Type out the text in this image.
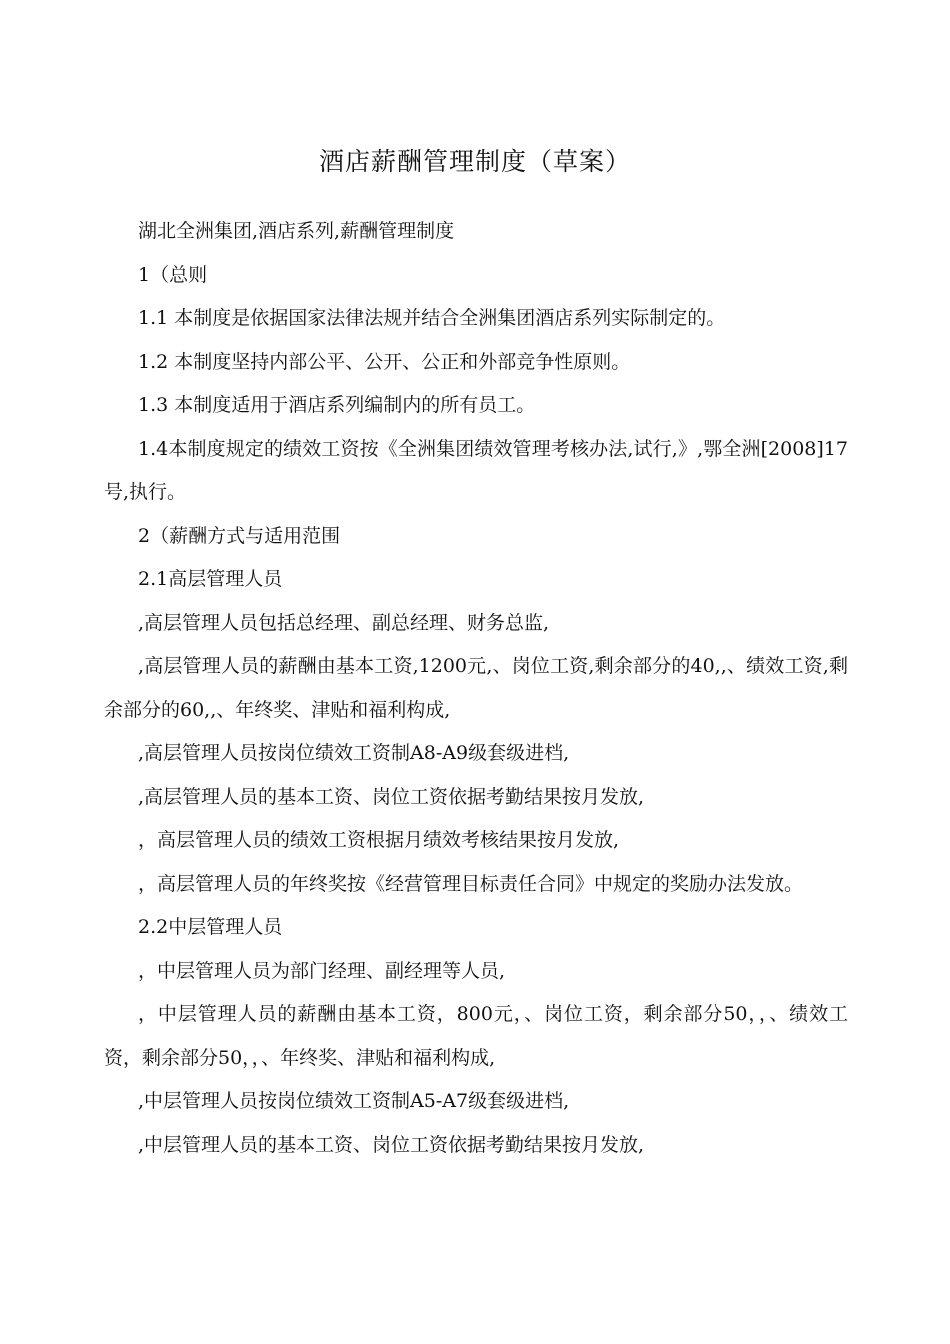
酒店薪酬管理制度（草案）

湖北全洲集团,酒店系列,薪酬管理制度

1（总则

1.1 本制度是依据国家法律法规并结合全洲集团酒店系列实际制定的。

1.2 本制度坚持内部公平、公开、公正和外部竞争性原则。

1.3 本制度适用于酒店系列编制内的所有员工。

1.4本制度规定的绩效工资按《全洲集团绩效管理考核办法,试行,》,鄂全洲[2008]17号,执行。

2（薪酬方式与适用范围

2.1高层管理人员

,高层管理人员包括总经理、副总经理、财务总监,

,高层管理人员的薪酬由基本工资,1200元,、岗位工资,剩余部分的40,,、绩效工资,剩余部分的60,,、年终奖、津贴和福利构成,

,高层管理人员按岗位绩效工资制A8-A9级套级进档,

,高层管理人员的基本工资、岗位工资依据考勤结果按月发放,

，高层管理人员的绩效工资根据月绩效考核结果按月发放,

，高层管理人员的年终奖按《经营管理目标责任合同》中规定的奖励办法发放。

2.2中层管理人员

，中层管理人员为部门经理、副经理等人员,

，中层管理人员的薪酬由基本工资，800元，、岗位工资，剩余部分50，，、绩效工资，剩余部分50，，、年终奖、津贴和福利构成,

,中层管理人员按岗位绩效工资制A5-A7级套级进档,

,中层管理人员的基本工资、岗位工资依据考勤结果按月发放,
